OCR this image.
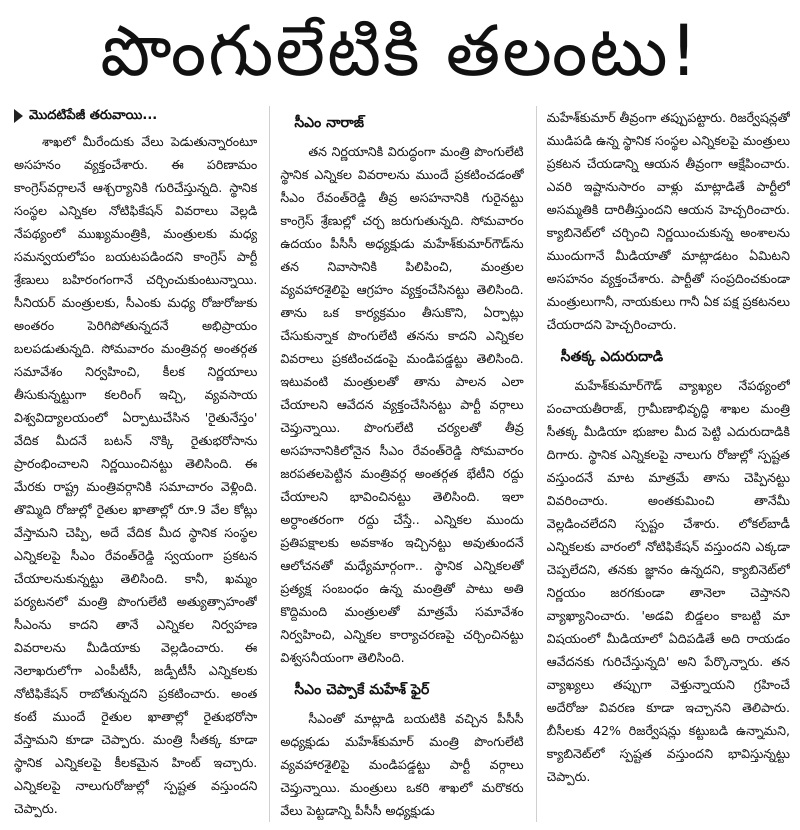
పొంగులేటికి తలంటు!
మొదటిపేజీ తరువాయి...

శాఖలో మీరేందుకు వేలు పెడుతున్నారంటూ అసహనం వ్యక్తంచేశారు. ఈ పరిణామం కాంగ్రెస్‌వర్గాలనే ఆశ్చర్యానికి గురిచేస్తున్నది. స్థానిక సంస్థల ఎన్నికల నోటిఫికేషన్ వివరాలు వెల్లడి నేపథ్యంలో ముఖ్యమంత్రికి, మంత్రులకు మధ్య సమన్వయలోపం బయటపడిందని కాంగ్రెస్ పార్టీ శ్రేణులు బహిరంగంగానే చర్చించుకుంటున్నాయి. సీనియర్ మంత్రులకు, సీఎంకు మధ్య రోజురోజుకు అంతరం పెరిగిపోతున్నదనే అభిప్రాయం బలపడుతున్నది. సోమవారం మంత్రివర్గ అంతర్గత సమావేశం నిర్వహించి, కీలక నిర్ణయాలు తీసుకున్నట్టుగా కలరింగ్ ఇచ్చి, వ్యవసాయ విశ్వవిద్యాలయంలో ఏర్పాటుచేసిన 'రైతునేస్తం' వేదిక మీదనే బటన్ నొక్కి రైతుభరోసాను ప్రారంభించాలని నిర్ణయించినట్టు తెలిసింది. ఈ మేరకు రాష్ట్ర మంత్రివర్గానికి సమాచారం వెళ్లింది. తొమ్మిది రోజుల్లో రైతుల ఖాతాల్లో రూ.9 వేల కోట్లు వేస్తామని చెప్పి, అదే వేదిక మీద స్థానిక సంస్థల ఎన్నికలపై సీఎం రేవంత్‌రెడ్డి స్వయంగా ప్రకటన చేయాలనుకున్నట్టు తెలిసింది. కానీ, ఖమ్మం పర్యటనలో మంత్రి పొంగులేటి అత్యుత్సాహంతో సీఎంను కాదని తానే ఎన్నికల నిర్వహణ వివరాలను మీడియాకు వెల్లడించారు. ఈ నెలాఖరులోగా ఎంపీటీసీ, జడ్పీటీసీ ఎన్నికలకు నోటిఫికేషన్ రాబోతున్నదని ప్రకటించారు. అంత కంటే ముందే రైతుల ఖాతాల్లో రైతుభరోసా వేస్తామని కూడా చెప్పారు. మంత్రి సీతక్క కూడా స్థానిక ఎన్నికలపై కీలకమైన హింట్ ఇచ్చారు. ఎన్నికలపై నాలుగురోజుల్లో స్పష్టత వస్తుందని చెప్పారు.

సీఎం నారాజ్

తన నిర్ణయానికి విరుద్ధంగా మంత్రి పొంగులేటి స్థానిక ఎన్నికల వివరాలను ముందే ప్రకటించడంతో సీఎం రేవంత్‌రెడ్డి తీవ్ర అసహనానికి గురైనట్టు కాంగ్రెస్ శ్రేణుల్లో చర్చ జరుగుతున్నది. సోమవారం ఉదయం పీసీసీ అధ్యక్షుడు మహేశ్‌కుమార్‌గౌడ్‌ను తన నివాసానికి పిలిపించి, మంత్రుల వ్యవహారశైలిపై ఆగ్రహం వ్యక్తంచేసినట్టు తెలిసింది. తాను ఒక కార్యక్రమం తీసుకొని, ఏర్పాట్లు చేసుకున్నాక పొంగులేటి తనను కాదని ఎన్నికల వివరాలు ప్రకటించడంపై మండిపడ్డట్టు తెలిసింది. ఇటువంటి మంత్రులతో తాను పాలన ఎలా చేయాలని ఆవేదన వ్యక్తంచేసినట్టు పార్టీ వర్గాలు చెప్తున్నాయి. పొంగులేటి చర్యలతో తీవ్ర అసహనానికిలోనైన సీఎం రేవంత్‌రెడ్డి సోమవారం జరపతలపెట్టిన మంత్రివర్గ అంతర్గత భేటీని రద్దు చేయాలని భావించినట్టు తెలిసింది. ఇలా అర్ధాంతరంగా రద్దు చేస్తే.. ఎన్నికల ముందు ప్రతిపక్షాలకు అవకాశం ఇచ్చినట్టు అవుతుందనే ఆలోచనతో మధ్యేమార్గంగా.. స్థానిక ఎన్నికలతో ప్రత్యక్ష సంబంధం ఉన్న మంత్రితో పాటు అతి కొద్దిమంది మంత్రులతో మాత్రమే సమావేశం నిర్వహించి, ఎన్నికల కార్యాచరణపై చర్చించినట్టు విశ్వసనీయంగా తెలిసింది.

సీఎం చెప్పాకే మహేశ్ ఫైర్

సీఎంతో మాట్లాడి బయటికి వచ్చిన పీసీసీ అధ్యక్షుడు మహేశ్‌కుమార్ మంత్రి పొంగులేటి వ్యవహారశైలిపై మండిపడ్డట్టు పార్టీ వర్గాలు చెప్తున్నాయి. మంత్రులు ఒకరి శాఖలో మరొకరు వేలు పెట్టడాన్ని పీసీసీ అధ్యక్షుడు

మహేశ్‌కుమార్ తీవ్రంగా తప్పుపట్టారు. రిజర్వేషన్లతో ముడిపడి ఉన్న స్థానిక సంస్థల ఎన్నికలపై మంత్రులు ప్రకటన చేయడాన్ని ఆయన తీవ్రంగా ఆక్షేపించారు. ఎవరి ఇష్టానుసారం వాళ్లు మాట్లాడితే పార్టీలో అసమ్మతికి దారితీస్తుందని ఆయన హెచ్చరించారు. క్యాబినెట్‌లో చర్చించి నిర్ణయించుకున్న అంశాలను ముందుగానే మీడియాతో మాట్లాడటం ఏమిటని అసహనం వ్యక్తంచేశారు. పార్టీతో సంప్రదించకుండా మంత్రులుగానీ, నాయకులు గానీ ఏక పక్ష ప్రకటనలు చేయరాదని హెచ్చరించారు.

సీతక్క ఎదురుదాడి

మహేశ్‌కుమార్‌గౌడ్ వ్యాఖ్యల నేపథ్యంలో పంచాయతీరాజ్, గ్రామీణాభివృద్ధి శాఖల మంత్రి సీతక్క మీడియా భుజాల మీద పెట్టి ఎదురుదాడికి దిగారు. స్థానిక ఎన్నికలపై నాలుగు రోజుల్లో స్పష్టత వస్తుందనే మాట మాత్రమే తాను చెప్పినట్టు వివరించారు. అంతకుమించి తానేమీ వెల్లడించలేదని స్పష్టం చేశారు. లోకల్‌బాడీ ఎన్నికలకు వారంలో నోటిఫికేషన్ వస్తుందని ఎక్కడా చెప్పలేదని, తనకు జ్ఞానం ఉన్నదని, క్యాబినెట్‌లో నిర్ణయం జరగకుండా తానెలా చెప్తానని వ్యాఖ్యానించారు. 'అడవి బిడ్డలం కాబట్టి మా విషయంలో మీడియాలో ఏదిపడితే అది రాయడం ఆవేదనకు గురిచేస్తున్నది' అని పేర్కొన్నారు. తన వ్యాఖ్యలు తప్పుగా వెళ్తున్నాయని గ్రహించే అదేరోజు వివరణ కూడా ఇచ్చానని తెలిపారు. బీసీలకు 42% రిజర్వేషన్లు కట్టుబడి ఉన్నామని, క్యాబినెట్‌లో స్పష్టత వస్తుందని భావిస్తున్నట్టు చెప్పారు.
